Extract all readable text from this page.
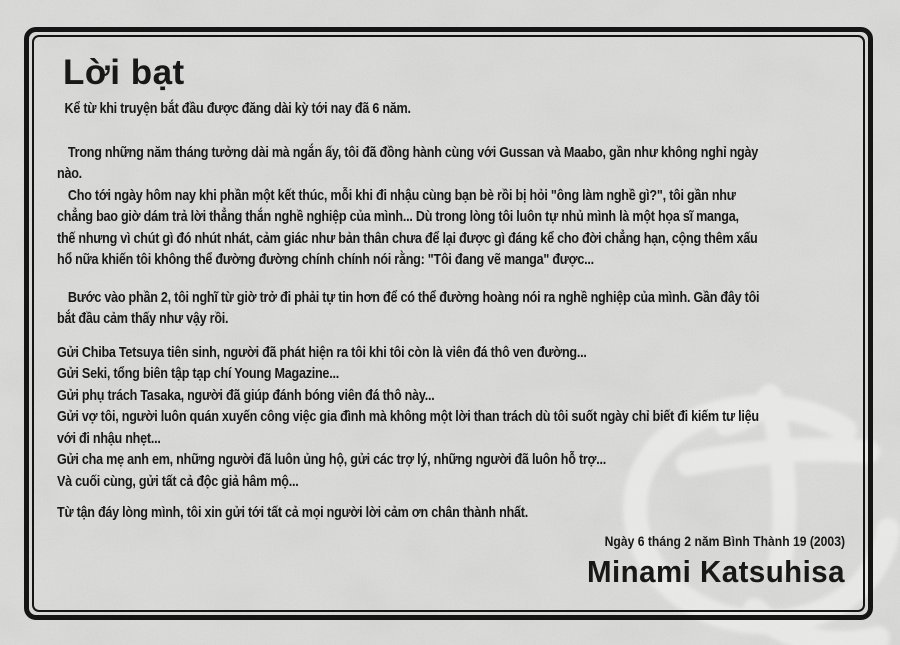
Lời bạt
Kể từ khi truyện bắt đầu được đăng dài kỳ tới nay đã 6 năm.
Trong những năm tháng tưởng dài mà ngắn ấy, tôi đã đồng hành cùng với Gussan và Maabo, gần như không nghỉ ngày
nào.
Cho tới ngày hôm nay khi phần một kết thúc, mỗi khi đi nhậu cùng bạn bè rồi bị hỏi "ông làm nghề gì?", tôi gần như
chẳng bao giờ dám trả lời thẳng thắn nghề nghiệp của mình... Dù trong lòng tôi luôn tự nhủ mình là một họa sĩ manga,
thế nhưng vì chút gì đó nhút nhát, cảm giác như bản thân chưa để lại được gì đáng kể cho đời chẳng hạn, cộng thêm xấu
hổ nữa khiến tôi không thể đường đường chính chính nói rằng: "Tôi đang vẽ manga" được...
Bước vào phần 2, tôi nghĩ từ giờ trở đi phải tự tin hơn để có thể đường hoàng nói ra nghề nghiệp của mình. Gần đây tôi
bắt đầu cảm thấy như vậy rồi.
Gửi Chiba Tetsuya tiên sinh, người đã phát hiện ra tôi khi tôi còn là viên đá thô ven đường...
Gửi Seki, tổng biên tập tạp chí Young Magazine...
Gửi phụ trách Tasaka, người đã giúp đánh bóng viên đá thô này...
Gửi vợ tôi, người luôn quán xuyến công việc gia đình mà không một lời than trách dù tôi suốt ngày chỉ biết đi kiếm tư liệu
với đi nhậu nhẹt...
Gửi cha mẹ anh em, những người đã luôn ủng hộ, gửi các trợ lý, những người đã luôn hỗ trợ...
Và cuối cùng, gửi tất cả độc giả hâm mộ...
Từ tận đáy lòng mình, tôi xin gửi tới tất cả mọi người lời cảm ơn chân thành nhất.
Ngày 6 tháng 2 năm Bình Thành 19 (2003)
Minami Katsuhisa
